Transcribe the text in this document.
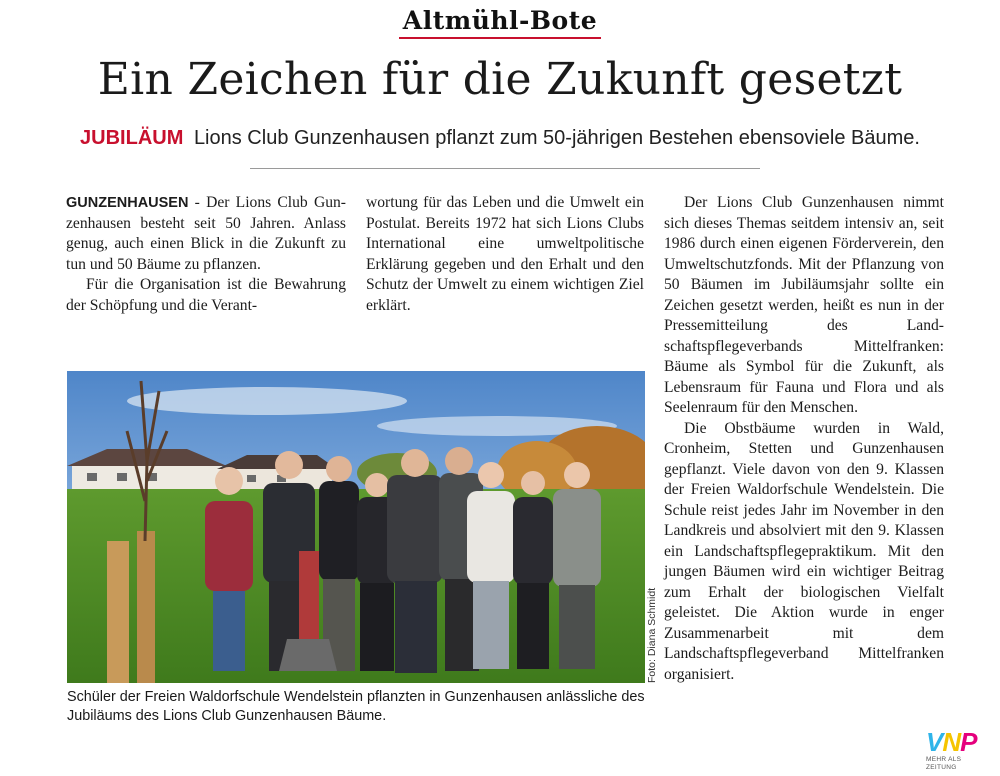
Altmühl-Bote
Ein Zeichen für die Zukunft gesetzt
JUBILÄUM Lions Club Gunzenhausen pflanzt zum 50-jährigen Bestehen ebensoviele Bäume.

GUNZENHAUSEN - Der Lions Club Gunzenhausen besteht seit 50 Jahren. Anlass genug, auch einen Blick in die Zukunft zu tun und 50 Bäume zu pflanzen.

Für die Organisation ist die Bewahrung der Schöpfung und die Verant-

wortung für das Leben und die Umwelt ein Postulat. Bereits 1972 hat sich Lions Clubs International eine umweltpolitische Erklärung gegeben und den Erhalt und den Schutz der Umwelt zu einem wichtigen Ziel erklärt.

Der Lions Club Gunzenhausen nimmt sich dieses Themas seitdem intensiv an, seit 1986 durch einen eigenen Förderverein, den Umweltschutzfonds. Mit der Pflanzung von 50 Bäumen im Jubiläumsjahr sollte ein Zeichen gesetzt werden, heißt es nun in der Pressemitteilung des Landschaftspflegeverbands Mittelfranken: Bäume als Symbol für die Zukunft, als Lebensraum für Fauna und Flora und als Seelenraum für den Menschen.

Die Obstbäume wurden in Wald, Cronheim, Stetten und Gunzenhausen gepflanzt. Viele davon von den 9. Klassen der Freien Waldorfschule Wendelstein. Die Schule reist jedes Jahr im November in den Landkreis und absolviert mit den 9. Klassen ein Landschaftspflegepraktikum. Mit den jungen Bäumen wird ein wichtiger Beitrag zum Erhalt der biologischen Vielfalt geleistet. Die Aktion wurde in enger Zusammenarbeit mit dem Landschaftspflegeverband Mittelfranken organisiert.

Foto: Diana Schmidt
Schüler der Freien Waldorfschule Wendelstein pflanzten in Gunzenhausen anlässliche des Jubiläums des Lions Club Gunzenhausen Bäume.
VNP
MEHR ALS ZEITUNG
